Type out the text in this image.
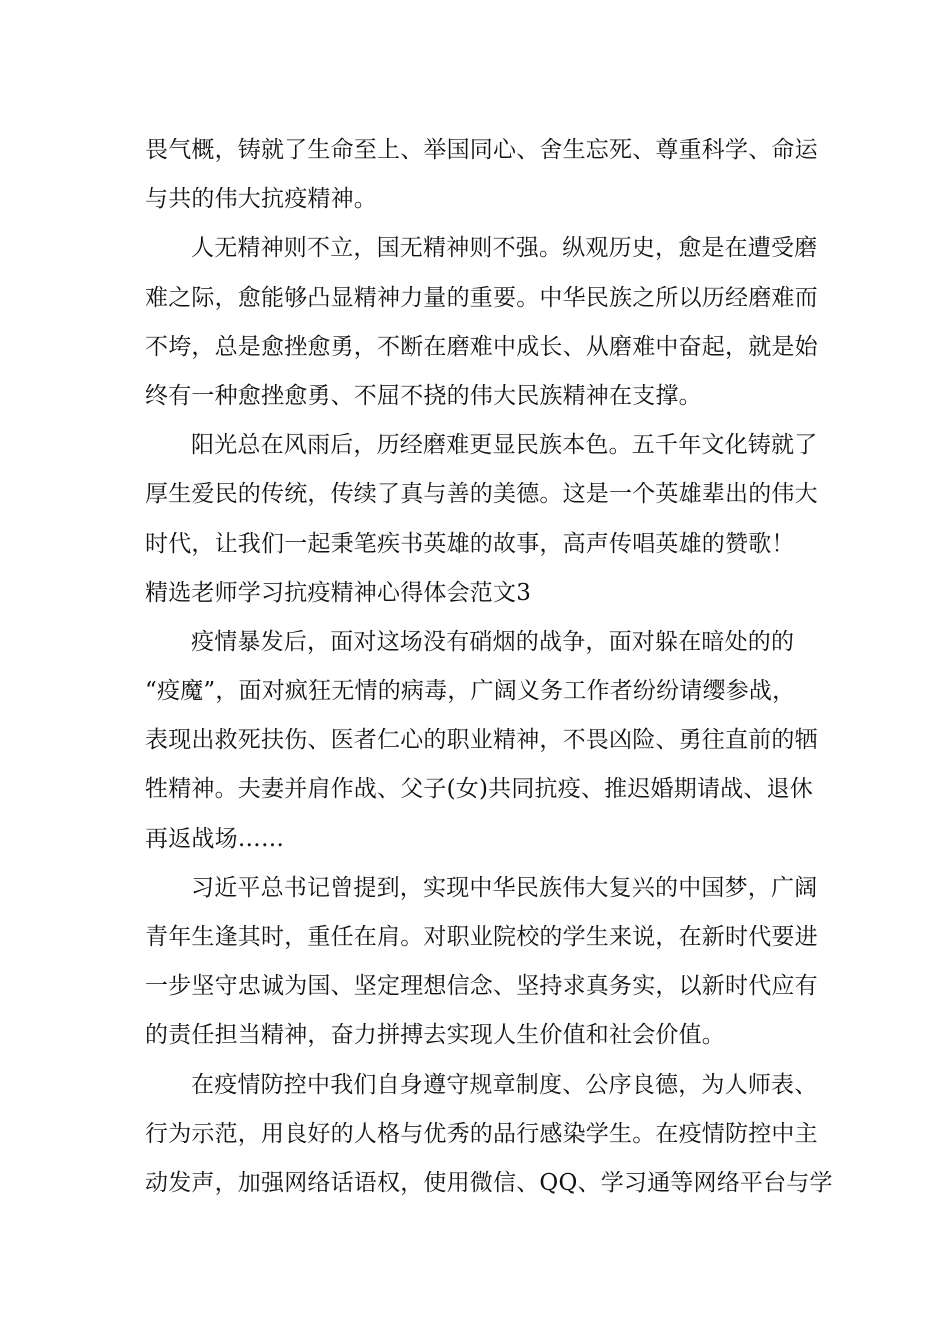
畏气概，铸就了生命至上、举国同心、舍生忘死、尊重科学、命运
与共的伟大抗疫精神。
人无精神则不立，国无精神则不强。纵观历史，愈是在遭受磨
难之际，愈能够凸显精神力量的重要。中华民族之所以历经磨难而
不垮，总是愈挫愈勇，不断在磨难中成长、从磨难中奋起，就是始
终有一种愈挫愈勇、不屈不挠的伟大民族精神在支撑。
阳光总在风雨后，历经磨难更显民族本色。五千年文化铸就了
厚生爱民的传统，传续了真与善的美德。这是一个英雄辈出的伟大
时代，让我们一起秉笔疾书英雄的故事，高声传唱英雄的赞歌！
精选老师学习抗疫精神心得体会范文3
疫情暴发后，面对这场没有硝烟的战争，面对躲在暗处的的
“疫魔”，面对疯狂无情的病毒，广阔义务工作者纷纷请缨参战，
表现出救死扶伤、医者仁心的职业精神，不畏凶险、勇往直前的牺
牲精神。夫妻并肩作战、父子(女)共同抗疫、推迟婚期请战、退休
再返战场……
习近平总书记曾提到，实现中华民族伟大复兴的中国梦，广阔
青年生逢其时，重任在肩。对职业院校的学生来说，在新时代要进
一步坚守忠诚为国、坚定理想信念、坚持求真务实，以新时代应有
的责任担当精神，奋力拼搏去实现人生价值和社会价值。
在疫情防控中我们自身遵守规章制度、公序良德，为人师表、
行为示范，用良好的人格与优秀的品行感染学生。在疫情防控中主
动发声，加强网络话语权，使用微信、QQ、学习通等网络平台与学
